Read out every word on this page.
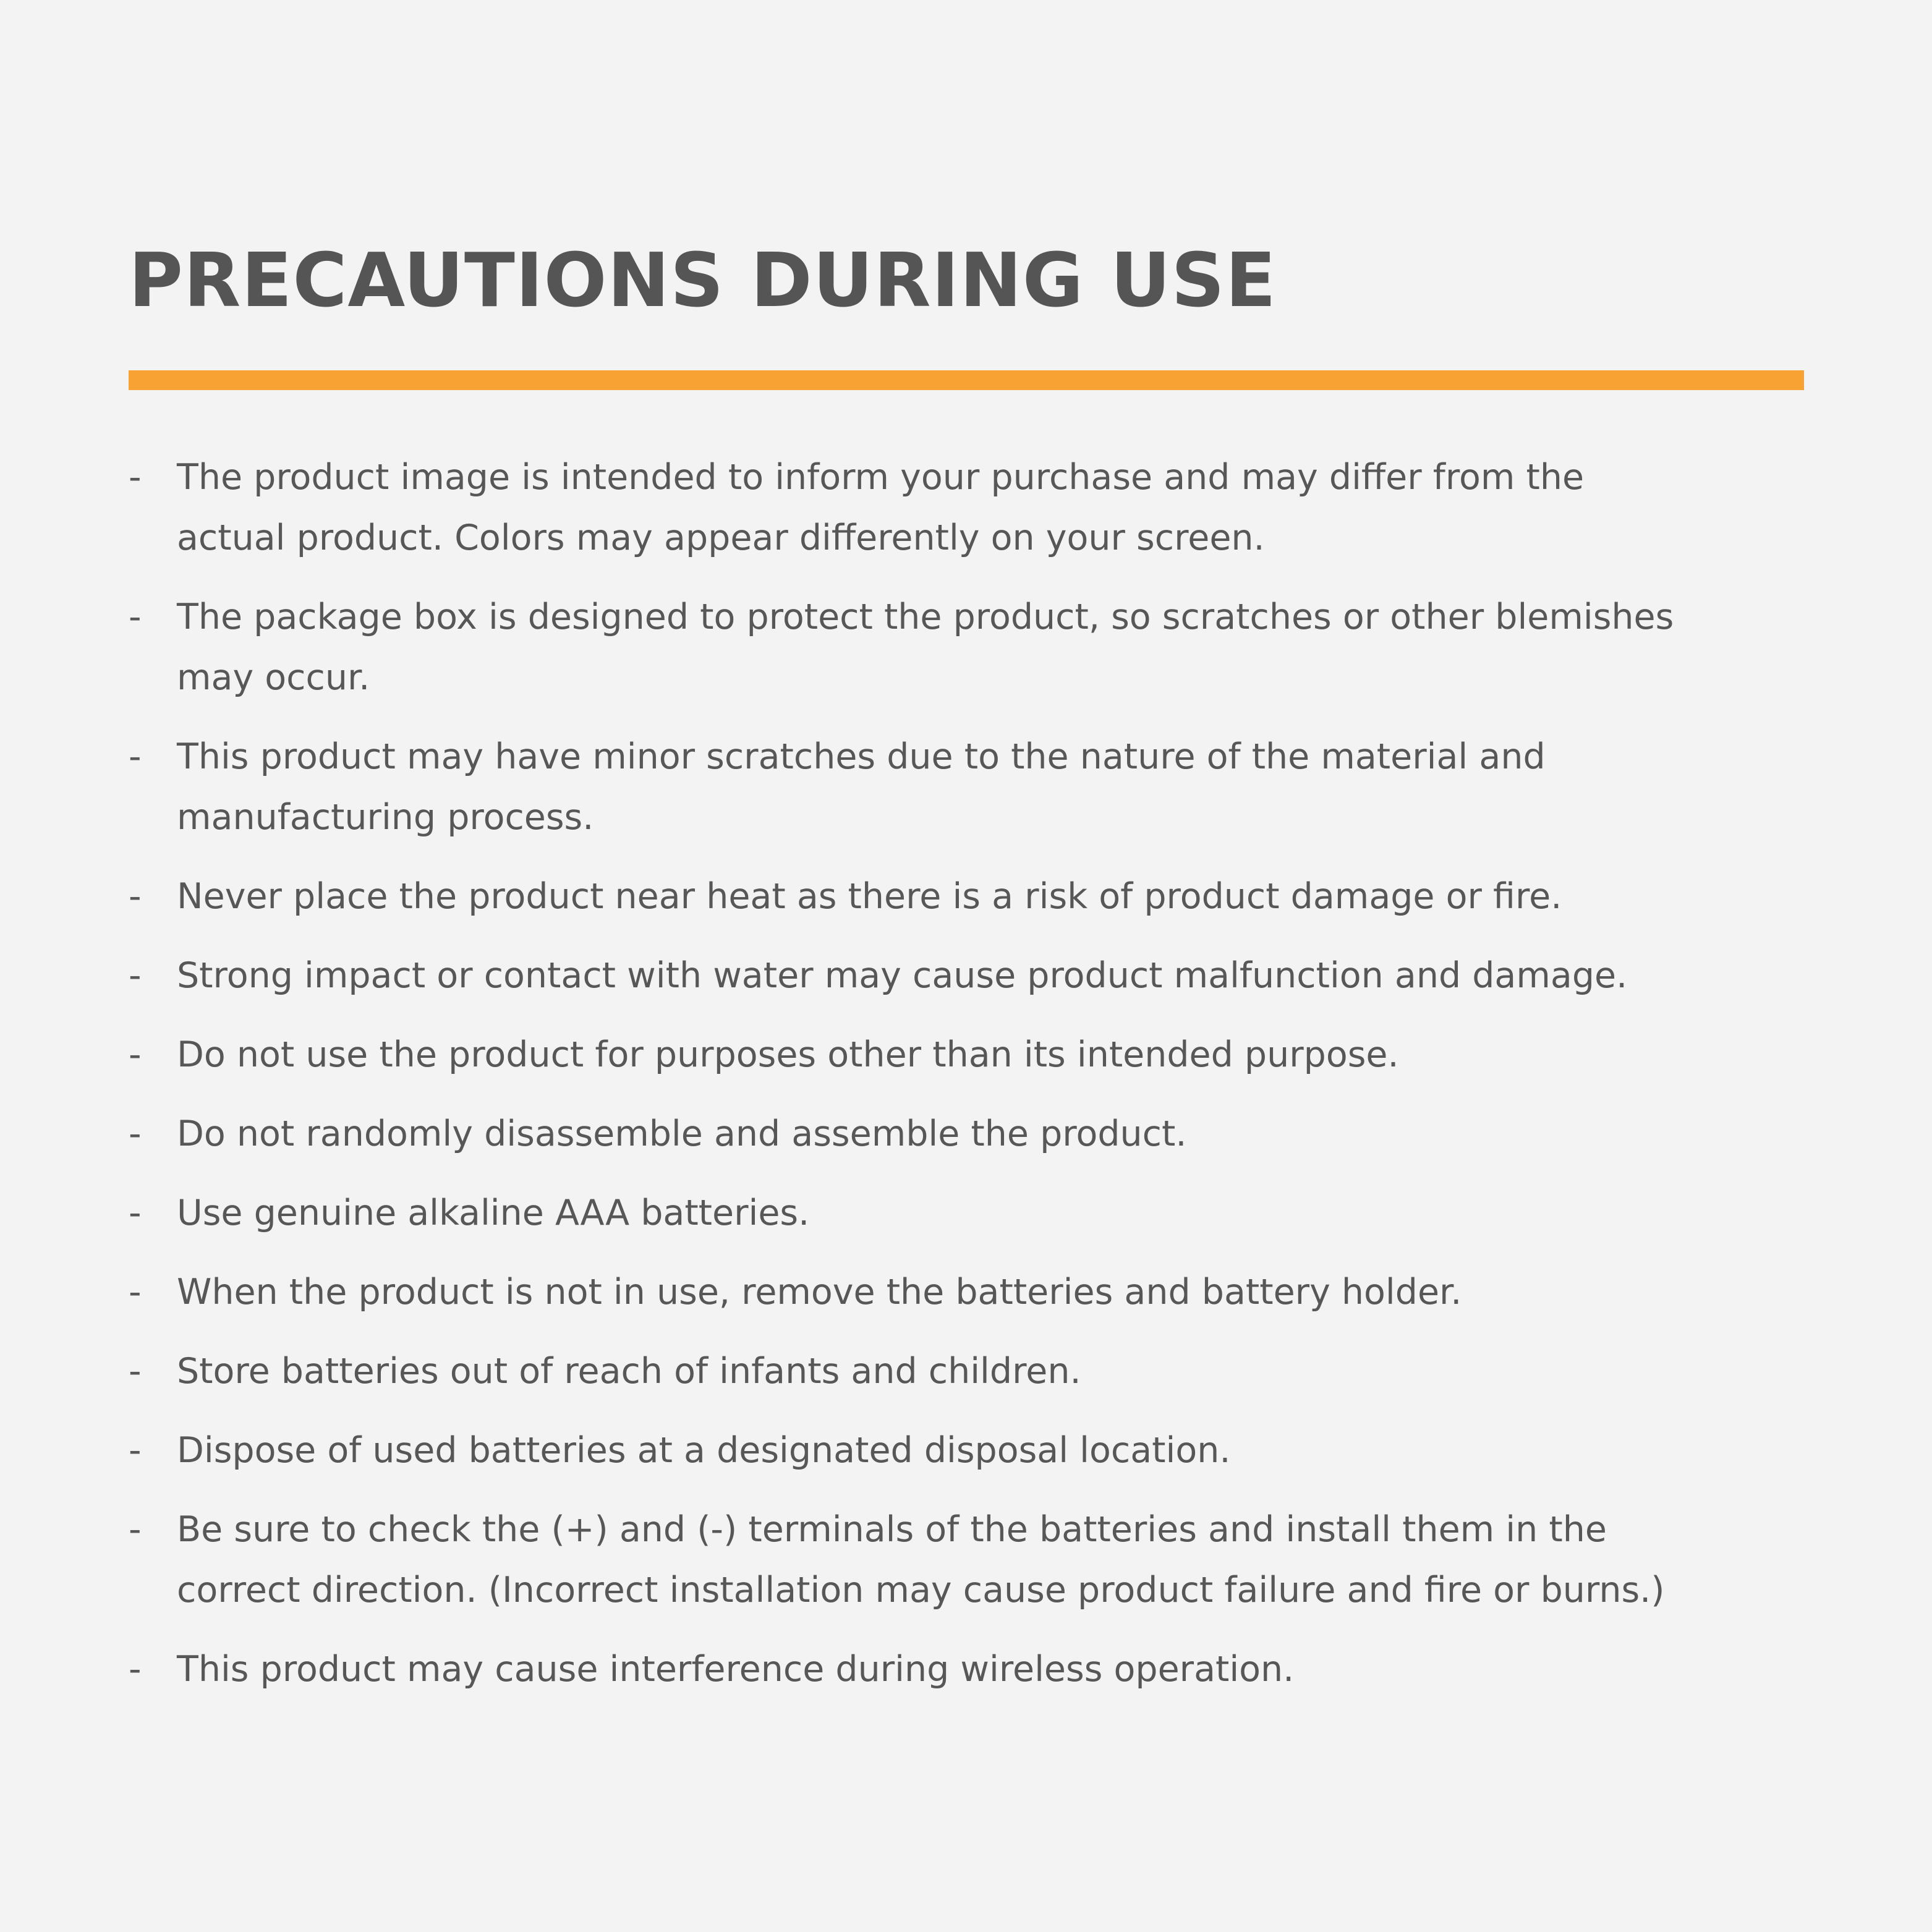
PRECAUTIONS DURING USE
- The product image is intended to inform your purchase and may differ from the
actual product. Colors may appear differently on your screen.
- The package box is designed to protect the product, so scratches or other blemishes
may occur.
- This product may have minor scratches due to the nature of the material and
manufacturing process.
- Never place the product near heat as there is a risk of product damage or fire.
- Strong impact or contact with water may cause product malfunction and damage.
- Do not use the product for purposes other than its intended purpose.
- Do not randomly disassemble and assemble the product.
- Use genuine alkaline AAA batteries.
- When the product is not in use, remove the batteries and battery holder.
- Store batteries out of reach of infants and children.
- Dispose of used batteries at a designated disposal location.
- Be sure to check the (+) and (-) terminals of the batteries and install them in the
correct direction. (Incorrect installation may cause product failure and fire or burns.)
- This product may cause interference during wireless operation.
